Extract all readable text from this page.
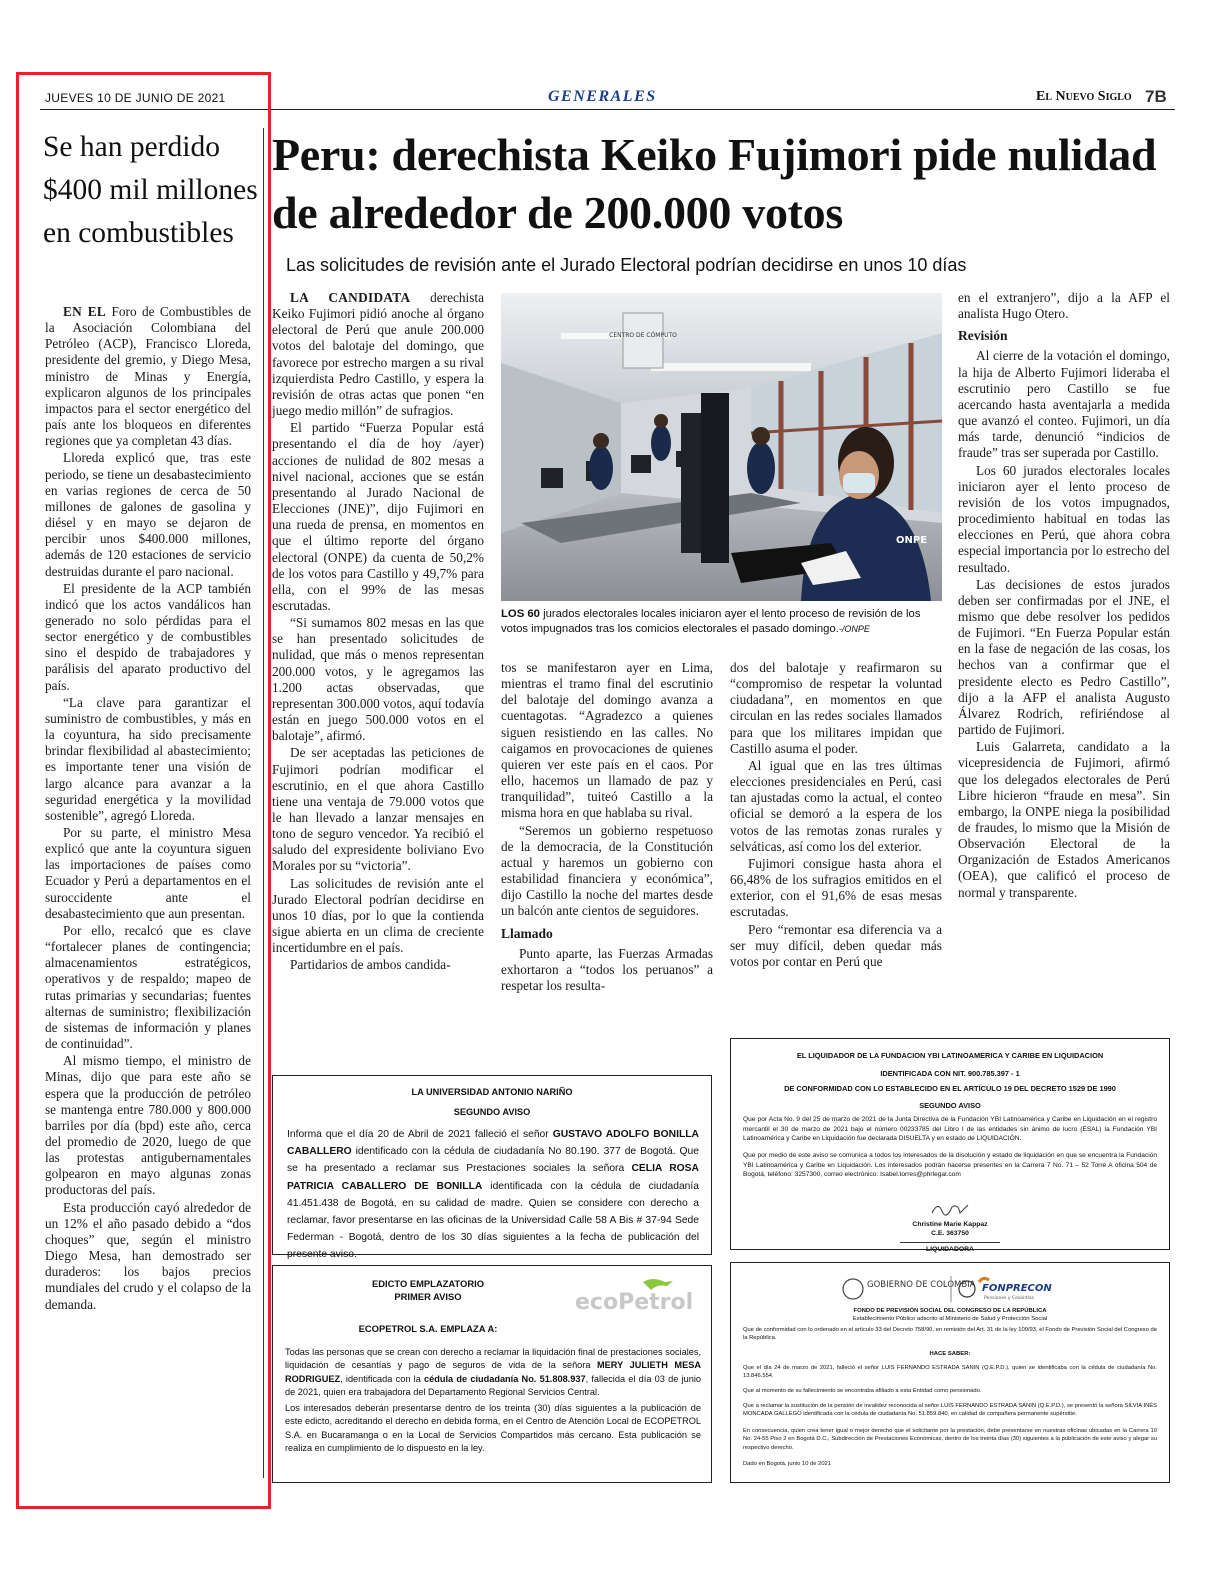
JUEVES 10 DE JUNIO DE 2021	GENERALES	El Nuevo Siglo 7B
Se han perdido $400 mil millones en combustibles

EN EL Foro de Combustibles de la Asociación Colombiana del Petróleo (ACP), Francisco Lloreda, presidente del gremio, y Diego Mesa, ministro de Minas y Energía, explicaron algunos de los principales impactos para el sector energético del país ante los bloqueos en diferentes regiones que ya completan 43 días.

Lloreda explicó que, tras este periodo, se tiene un desabastecimiento en varias regiones de cerca de 50 millones de galones de gasolina y diésel y en mayo se dejaron de percibir unos $400.000 millones, además de 120 estaciones de servicio destruidas durante el paro nacional.

El presidente de la ACP también indicó que los actos vandálicos han generado no solo pérdidas para el sector energético y de combustibles sino el despido de trabajadores y parálisis del aparato productivo del país.

“La clave para garantizar el suministro de combustibles, y más en la coyuntura, ha sido precisamente brindar flexibilidad al abastecimiento; es importante tener una visión de largo alcance para avanzar a la seguridad energética y la movilidad sostenible”, agregó Lloreda.

Por su parte, el ministro Mesa explicó que ante la coyuntura siguen las importaciones de países como Ecuador y Perú a departamentos en el suroccidente ante el desabastecimiento que aun presentan.

Por ello, recalcó que es clave “fortalecer planes de contingencia; almacenamientos estratégicos, operativos y de respaldo; mapeo de rutas primarias y secundarias; fuentes alternas de suministro; flexibilización de sistemas de información y planes de continuidad”.

Al mismo tiempo, el ministro de Minas, dijo que para este año se espera que la producción de petróleo se mantenga entre 780.000 y 800.000 barriles por día (bpd) este año, cerca del promedio de 2020, luego de que las protestas antigubernamentales golpearon en mayo algunas zonas productoras del país.

Esta producción cayó alrededor de un 12% el año pasado debido a “dos choques” que, según el ministro Diego Mesa, han demostrado ser duraderos: los bajos precios mundiales del crudo y el colapso de la demanda.

Peru: derechista Keiko Fujimori pide nulidad de alrededor de 200.000 votos
Las solicitudes de revisión ante el Jurado Electoral podrían decidirse en unos 10 días

LA CANDIDATA derechista Keiko Fujimori pidió anoche al órgano electoral de Perú que anule 200.000 votos del balotaje del domingo, que favorece por estrecho margen a su rival izquierdista Pedro Castillo, y espera la revisión de otras actas que ponen “en juego medio millón” de sufragios.

El partido “Fuerza Popular está presentando el día de hoy /ayer) acciones de nulidad de 802 mesas a nivel nacional, acciones que se están presentando al Jurado Nacional de Elecciones (JNE)”, dijo Fujimori en una rueda de prensa, en momentos en que el último reporte del órgano electoral (ONPE) da cuenta de 50,2% de los votos para Castillo y 49,7% para ella, con el 99% de las mesas escrutadas.

“Si sumamos 802 mesas en las que se han presentado solicitudes de nulidad, que más o menos representan 200.000 votos, y le agregamos las 1.200 actas observadas, que representan 300.000 votos, aquí todavía están en juego 500.000 votos en el balotaje”, afirmó.

De ser aceptadas las peticiones de Fujimori podrían modificar el escrutinio, en el que ahora Castillo tiene una ventaja de 79.000 votos que le han llevado a lanzar mensajes en tono de seguro vencedor. Ya recibió el saludo del expresidente boliviano Evo Morales por su “victoria”.

Las solicitudes de revisión ante el Jurado Electoral podrían decidirse en unos 10 días, por lo que la contienda sigue abierta en un clima de creciente incertidumbre en el país.

Partidarios de ambos candida-

CENTRO DE CÓMPUTO
ONPE
LOS 60 jurados electorales locales iniciaron ayer el lento proceso de revisión de los votos impugnados tras los comicios electorales el pasado domingo.-/ONPE

tos se manifestaron ayer en Lima, mientras el tramo final del escrutinio del balotaje del domingo avanza a cuentagotas. “Agradezco a quienes siguen resistiendo en las calles. No caigamos en provocaciones de quienes quieren ver este país en el caos. Por ello, hacemos un llamado de paz y tranquilidad”, tuiteó Castillo a la misma hora en que hablaba su rival.

“Seremos un gobierno respetuoso de la democracia, de la Constitución actual y haremos un gobierno con estabilidad financiera y económica”, dijo Castillo la noche del martes desde un balcón ante cientos de seguidores.

Llamado

Punto aparte, las Fuerzas Armadas exhortaron a “todos los peruanos” a respetar los resulta-

dos del balotaje y reafirmaron su “compromiso de respetar la voluntad ciudadana”, en momentos en que circulan en las redes sociales llamados para que los militares impidan que Castillo asuma el poder.

Al igual que en las tres últimas elecciones presidenciales en Perú, casi tan ajustadas como la actual, el conteo oficial se demoró a la espera de los votos de las remotas zonas rurales y selváticas, así como los del exterior.

Fujimori consigue hasta ahora el 66,48% de los sufragios emitidos en el exterior, con el 91,6% de esas mesas escrutadas.

Pero “remontar esa diferencia va a ser muy difícil, deben quedar más votos por contar en Perú que

en el extranjero”, dijo a la AFP el analista Hugo Otero.

Revisión

Al cierre de la votación el domingo, la hija de Alberto Fujimori lideraba el escrutinio pero Castillo se fue acercando hasta aventajarla a medida que avanzó el conteo. Fujimori, un día más tarde, denunció “indicios de fraude” tras ser superada por Castillo.

Los 60 jurados electorales locales iniciaron ayer el lento proceso de revisión de los votos impugnados, procedimiento habitual en todas las elecciones en Perú, que ahora cobra especial importancia por lo estrecho del resultado.

Las decisiones de estos jurados deben ser confirmadas por el JNE, el mismo que debe resolver los pedidos de Fujimori. “En Fuerza Popular están en la fase de negación de las cosas, los hechos van a confirmar que el presidente electo es Pedro Castillo”, dijo a la AFP el analista Augusto Álvarez Rodrich, refiriéndose al partido de Fujimori.

Luis Galarreta, candidato a la vicepresidencia de Fujimori, afirmó que los delegados electorales de Perú Libre hicieron “fraude en mesa”. Sin embargo, la ONPE niega la posibilidad de fraudes, lo mismo que la Misión de Observación Electoral de la Organización de Estados Americanos (OEA), que calificó el proceso de normal y transparente.

LA UNIVERSIDAD ANTONIO NARIÑO
SEGUNDO AVISO
Informa que el día 20 de Abril de 2021 falleció el señor GUSTAVO ADOLFO BONILLA CABALLERO identificado con la cédula de ciudadanía No 80.190. 377 de Bogotá. Que se ha presentado a reclamar sus Prestaciones sociales la señora CELIA ROSA PATRICIA CABALLERO DE BONILLA identificada con la cédula de ciudadanía 41.451.438 de Bogotá, en su calidad de madre. Quien se considere con derecho a reclamar, favor presentarse en las oficinas de la Universidad Calle 58 A Bis # 37-94 Sede Federman - Bogotá, dentro de los 30 días siguientes a la fecha de publicación del presente aviso.
EDICTO EMPLAZATORIO
PRIMER AVISO
ECOPETROL S.A. EMPLAZA A:
ecoPetrol

Todas las personas que se crean con derecho a reclamar la liquidación final de prestaciones sociales, liquidación de cesantías y pago de seguros de vida de la señora MERY JULIETH MESA RODRIGUEZ, identificada con la cédula de ciudadanía No. 51.808.937, fallecida el día 03 de junio de 2021, quien era trabajadora del Departamento Regional Servicios Central.

Los interesados deberán presentarse dentro de los treinta (30) días siguientes a la publicación de este edicto, acreditando el derecho en debida forma, en el Centro de Atención Local de ECOPETROL S.A. en Bucaramanga o en la Local de Servicios Compartidos más cercano. Esta publicación se realiza en cumplimiento de lo dispuesto en la ley.

EL LIQUIDADOR DE LA FUNDACION YBI LATINOAMERICA Y CARIBE EN LIQUIDACION
IDENTIFICADA CON NIT. 900.785.397 - 1
DE CONFORMIDAD CON LO ESTABLECIDO EN EL ARTÍCULO 19 DEL DECRETO 1529 DE 1990
SEGUNDO AVISO
Que por Acta No. 9 del 25 de marzo de 2021 de la Junta Directiva de la Fundación YBI Latinoamérica y Caribe en Liquidación en el registro mercantil el 30 de marzo de 2021 bajo el número 00233785 del Libro I de las entidades sin ánimo de lucro (ESAL) la Fundación YBI Latinoamérica y Caribe en Liquidación fue declarada DISUELTA y en estado de LIQUIDACIÓN.
Que por medio de este aviso se comunica a todos los interesados de la disolución y estado de liquidación en que se encuentra la Fundación YBI Latinoamérica y Caribe en Liquidación. Los interesados podrán hacerse presentes en la Carrera 7 No. 71 – 52 Torre A oficina 504 de Bogotá, teléfono: 3257300, correo electrónico: Isabel.torres@phrlegal.com
Christine Marie Kappaz
C.E. 363750
LIQUIDADORA
GOBIERNO DE COLOMBIA FONPRECON
Pensiones y Cesantías
FONDO DE PREVISIÓN SOCIAL DEL CONGRESO DE LA REPÚBLICA
Establecimiento Público adscrito al Ministerio de Salud y Protección Social
Que de conformidad con lo ordenado en el artículo 33 del Decreto 758/90, en remisión del Art. 31 de la ley 100/93, el Fondo de Previsión Social del Congreso de la República.
HACE SABER:
Que el día 24 de marzo de 2021, falleció el señor LUIS FERNANDO ESTRADA SANIN (Q.E.P.D.), quien se identificaba con la cédula de ciudadanía No. 13.846.554.
Que al momento de su fallecimiento se encontraba afiliado a esta Entidad como pensionado.
Que a reclamar la sustitución de la pensión de invalidez reconocida al señor LUIS FERNANDO ESTRADA SANIN (Q.E.P.D.), se presentó la señora SILVIA INÉS MONCADA GALLEGO identificada con la cédula de ciudadanía No. 51.859.840, en calidad de compañera permanente supérstite.
En consecuencia, quien crea tener igual o mejor derecho que el solicitante por la prestación, debe presentarse en nuestras oficinas ubicadas en la Carrera 10 No. 24-55 Piso 2 en Bogotá D.C., Subdirección de Prestaciones Económicas, dentro de los treinta días (30) siguientes a la publicación de este aviso y alegar su respectivo derecho.
Dado en Bogotá, junio 10 de 2021
